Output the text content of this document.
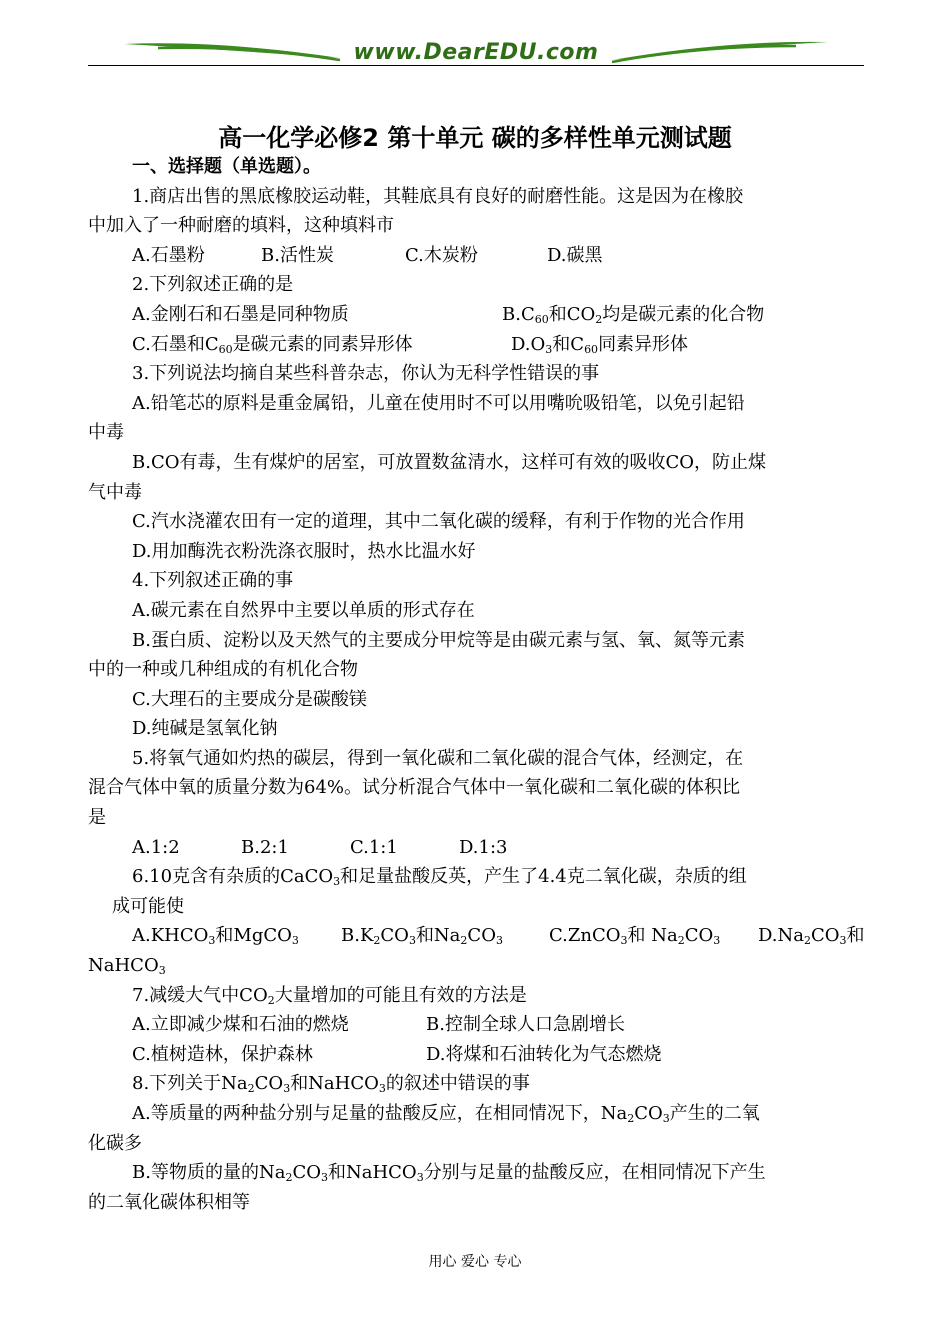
www.DearEDU.com
高一化学必修2 第十单元 碳的多样性单元测试题
一、选择题（单选题）。
1.商店出售的黑底橡胶运动鞋，其鞋底具有良好的耐磨性能。这是因为在橡胶
中加入了一种耐磨的填料，这种填料市
A.石墨粉	B.活性炭	C.木炭粉	D.碳黑
2.下列叙述正确的是
A.金刚石和石墨是同种物质	$B.C_{60}$和$CO_2$均是碳元素的化合物
C.石墨和$C_{60}$是碳元素的同素异形体	$D.O_3$和$C_{60}$同素异形体
3.下列说法均摘自某些科普杂志，你认为无科学性错误的事
A.铅笔芯的原料是重金属铅，儿童在使用时不可以用嘴吮吸铅笔，以免引起铅
中毒
B.CO有毒，生有煤炉的居室，可放置数盆清水，这样可有效的吸收CO，防止煤
气中毒
C.汽水浇灌农田有一定的道理，其中二氧化碳的缓释，有利于作物的光合作用
D.用加酶洗衣粉洗涤衣服时，热水比温水好
4.下列叙述正确的事
A.碳元素在自然界中主要以单质的形式存在
B.蛋白质、淀粉以及天然气的主要成分甲烷等是由碳元素与氢、氧、氮等元素
中的一种或几种组成的有机化合物
C.大理石的主要成分是碳酸镁
D.纯碱是氢氧化钠
5.将氧气通如灼热的碳层，得到一氧化碳和二氧化碳的混合气体，经测定，在
混合气体中氧的质量分数为64%。试分析混合气体中一氧化碳和二氧化碳的体积比
是
A.1:2	B.2:1	C.1:1	D.1:3
6.10克含有杂质的CaCO$_3$和足量盐酸反英，产生了4.4克二氧化碳，杂质的组
成可能使
$A.KHCO_3$和MgCO$_3$ $B.K_2CO_3$和$Na_2CO_3$	C.ZnCO$_3$和 $Na_2CO_3$ $D.Na_2CO_3$和
NaHCO$_3$
7.减缓大气中$CO_2$大量增加的可能且有效的方法是
A.立即减少煤和石油的燃烧	B.控制全球人口急剧增长
C.植树造林，保护森林	D.将煤和石油转化为气态燃烧
8.下列关于$Na_2CO_3$和NaHCO$_3$的叙述中错误的事
A.等质量的两种盐分别与足量的盐酸反应，在相同情况下，$Na_2CO_3$产生的二氧
化碳多
B.等物质的量的$Na_2CO_3$和NaHCO$_3$分别与足量的盐酸反应，在相同情况下产生
的二氧化碳体积相等
用心 爱心 专心
